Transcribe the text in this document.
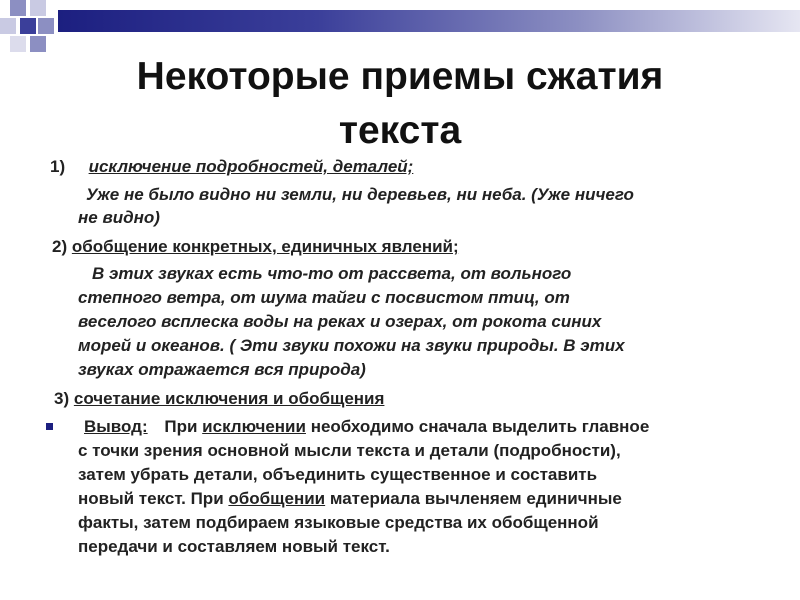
Некоторые приемы сжатия
текста
1) исключение подробностей, деталей;
Уже не было видно ни земли, ни деревьев, ни неба. (Уже ничего
не видно)
2) обобщение конкретных, единичных явлений;
В этих звуках есть что-то от рассвета, от вольного
степного ветра, от шума тайги с посвистом птиц, от
веселого всплеска воды на реках и озерах, от рокота синих
морей и океанов. ( Эти звуки похожи на звуки природы. В этих
звуках отражается вся природа)
3) сочетание исключения и обобщения
Вывод: При исключении необходимо сначала выделить главное
с точки зрения основной мысли текста и детали (подробности),
затем убрать детали, объединить существенное и составить
новый текст. При обобщении материала вычленяем единичные
факты, затем подбираем языковые средства их обобщенной
передачи и составляем новый текст.
